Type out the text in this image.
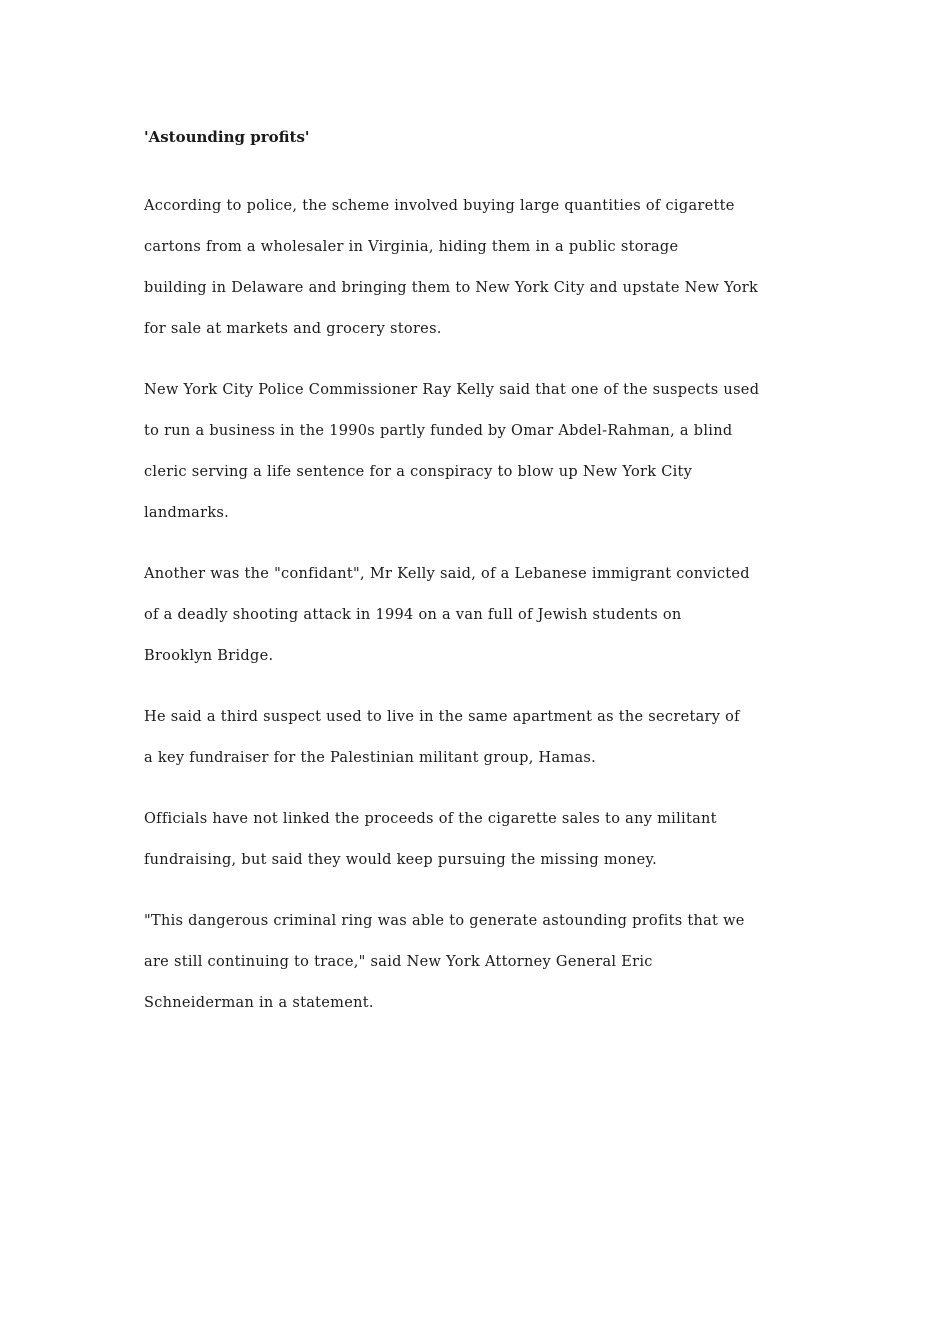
'Astounding profits'
According to police, the scheme involved buying large quantities of cigarette
cartons from a wholesaler in Virginia, hiding them in a public storage
building in Delaware and bringing them to New York City and upstate New York
for sale at markets and grocery stores.
New York City Police Commissioner Ray Kelly said that one of the suspects used
to run a business in the 1990s partly funded by Omar Abdel-Rahman, a blind
cleric serving a life sentence for a conspiracy to blow up New York City
landmarks.
Another was the "confidant", Mr Kelly said, of a Lebanese immigrant convicted
of a deadly shooting attack in 1994 on a van full of Jewish students on
Brooklyn Bridge.
He said a third suspect used to live in the same apartment as the secretary of
a key fundraiser for the Palestinian militant group, Hamas.
Officials have not linked the proceeds of the cigarette sales to any militant
fundraising, but said they would keep pursuing the missing money.
"This dangerous criminal ring was able to generate astounding profits that we
are still continuing to trace," said New York Attorney General Eric
Schneiderman in a statement.
